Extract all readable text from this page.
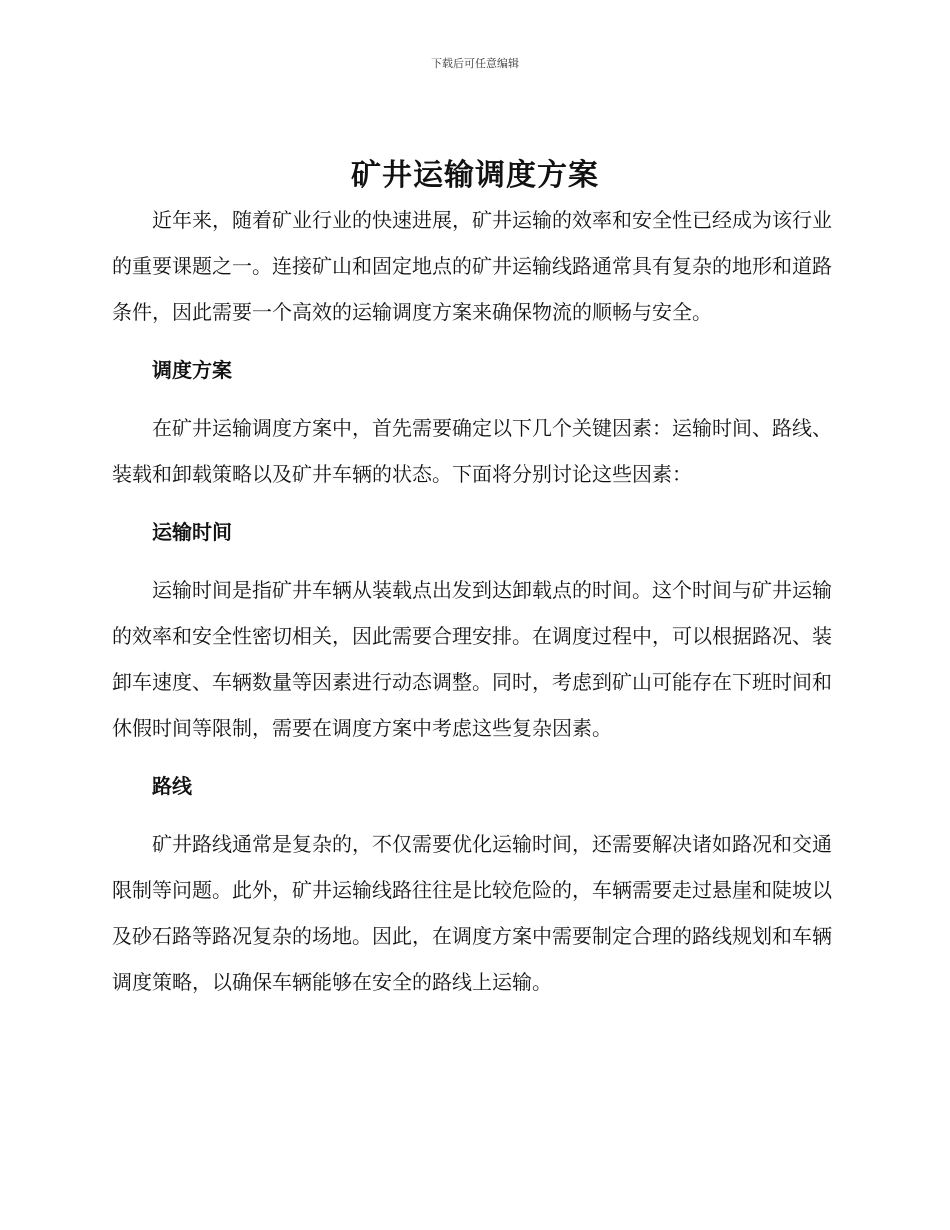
下载后可任意编辑
矿井运输调度方案

近年来，随着矿业行业的快速进展，矿井运输的效率和安全性已经成为该行业的重要课题之一。连接矿山和固定地点的矿井运输线路通常具有复杂的地形和道路条件，因此需要一个高效的运输调度方案来确保物流的顺畅与安全。

调度方案

在矿井运输调度方案中，首先需要确定以下几个关键因素：运输时间、路线、装载和卸载策略以及矿井车辆的状态。下面将分别讨论这些因素：

运输时间

运输时间是指矿井车辆从装载点出发到达卸载点的时间。这个时间与矿井运输的效率和安全性密切相关，因此需要合理安排。在调度过程中，可以根据路况、装卸车速度、车辆数量等因素进行动态调整。同时，考虑到矿山可能存在下班时间和休假时间等限制，需要在调度方案中考虑这些复杂因素。

路线

矿井路线通常是复杂的，不仅需要优化运输时间，还需要解决诸如路况和交通限制等问题。此外，矿井运输线路往往是比较危险的，车辆需要走过悬崖和陡坡以及砂石路等路况复杂的场地。因此，在调度方案中需要制定合理的路线规划和车辆调度策略，以确保车辆能够在安全的路线上运输。
